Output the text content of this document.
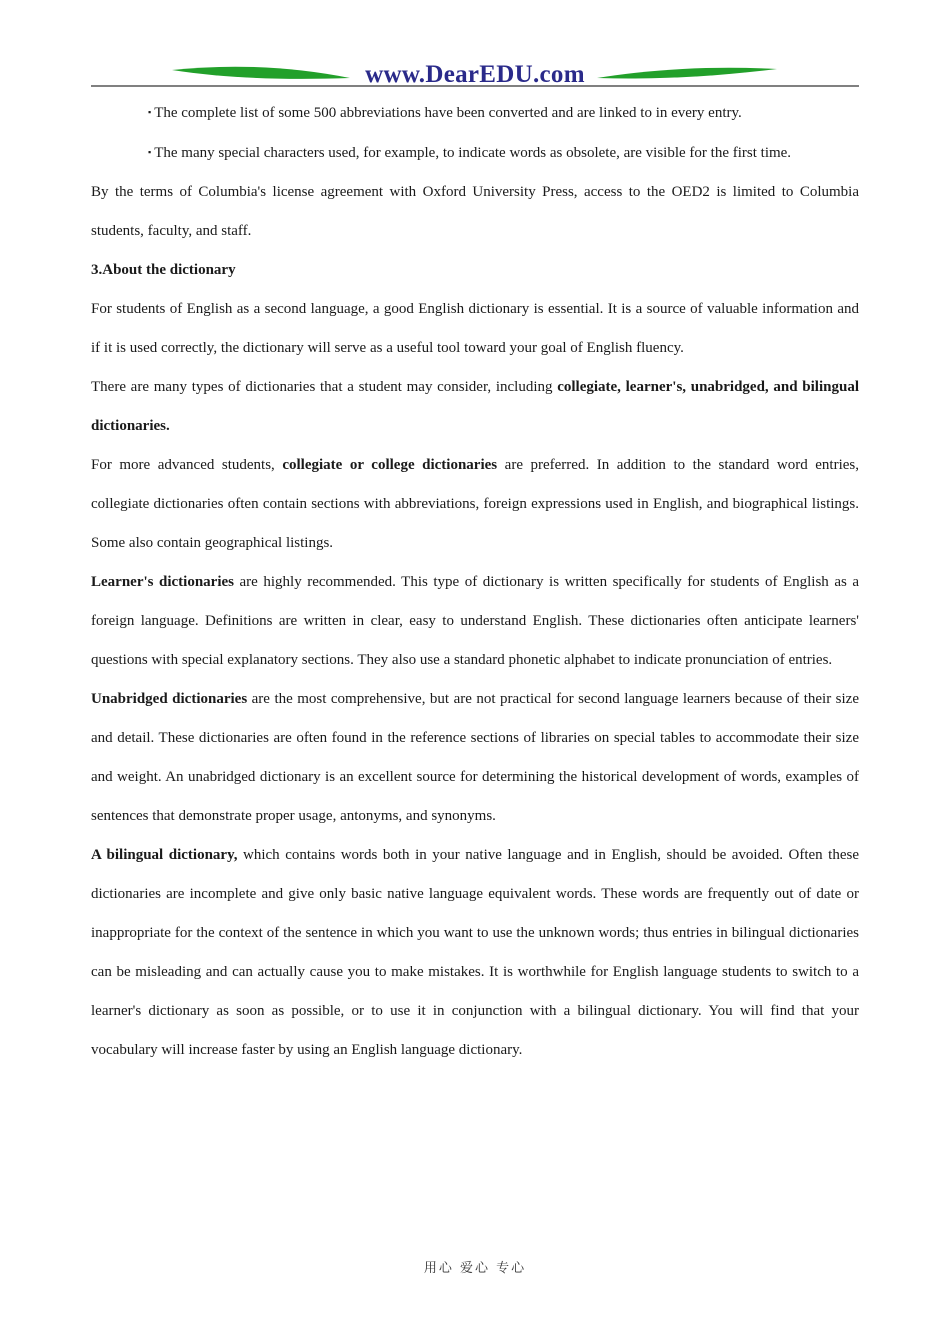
www.DearEDU.com

▪ The complete list of some 500 abbreviations have been converted and are linked to in every entry.

▪ The many special characters used, for example, to indicate words as obsolete, are visible for the first time.

By the terms of Columbia's license agreement with Oxford University Press, access to the OED2 is limited to Columbia students, faculty, and staff.

3.About the dictionary

For students of English as a second language, a good English dictionary is essential. It is a source of valuable information and if it is used correctly, the dictionary will serve as a useful tool toward your goal of English fluency.

There are many types of dictionaries that a student may consider, including collegiate, learner's, unabridged, and bilingual dictionaries.

For more advanced students, collegiate or college dictionaries are preferred. In addition to the standard word entries, collegiate dictionaries often contain sections with abbreviations, foreign expressions used in English, and biographical listings. Some also contain geographical listings.

Learner's dictionaries are highly recommended. This type of dictionary is written specifically for students of English as a foreign language. Definitions are written in clear, easy to understand English. These dictionaries often anticipate learners' questions with special explanatory sections. They also use a standard phonetic alphabet to indicate pronunciation of entries.

Unabridged dictionaries are the most comprehensive, but are not practical for second language learners because of their size and detail. These dictionaries are often found in the reference sections of libraries on special tables to accommodate their size and weight. An unabridged dictionary is an excellent source for determining the historical development of words, examples of sentences that demonstrate proper usage, antonyms, and synonyms.

A bilingual dictionary, which contains words both in your native language and in English, should be avoided. Often these dictionaries are incomplete and give only basic native language equivalent words. These words are frequently out of date or inappropriate for the context of the sentence in which you want to use the unknown words; thus entries in bilingual dictionaries can be misleading and can actually cause you to make mistakes. It is worthwhile for English language students to switch to a learner's dictionary as soon as possible, or to use it in conjunction with a bilingual dictionary. You will find that your vocabulary will increase faster by using an English language dictionary.

用心 爱心 专心
